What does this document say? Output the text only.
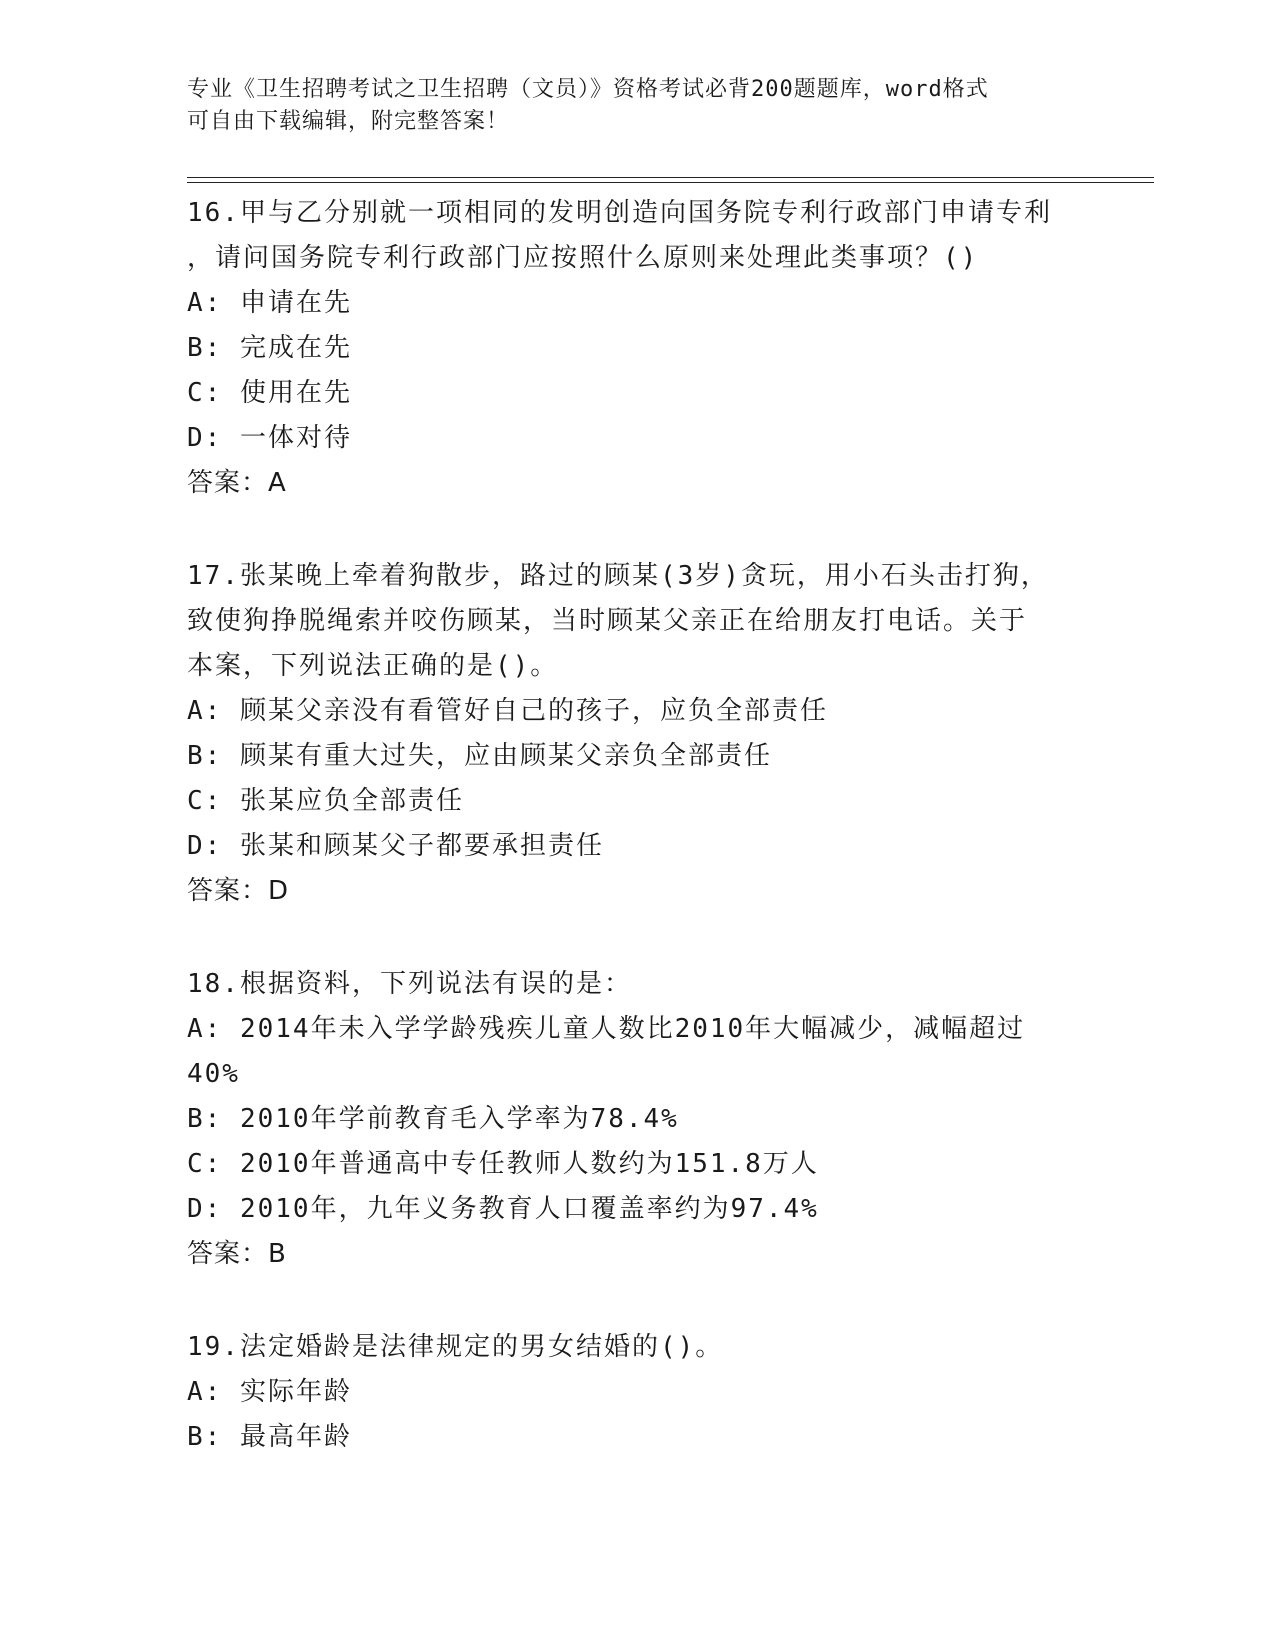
专业《卫生招聘考试之卫生招聘（文员）》资格考试必背200题题库，word格式
可自由下载编辑，附完整答案！
16.甲与乙分别就一项相同的发明创造向国务院专利行政部门申请专利
，请问国务院专利行政部门应按照什么原则来处理此类事项？()
A: 申请在先
B: 完成在先
C: 使用在先
D: 一体对待
答案：A
17.张某晚上牵着狗散步，路过的顾某(3岁)贪玩，用小石头击打狗，
致使狗挣脱绳索并咬伤顾某，当时顾某父亲正在给朋友打电话。关于
本案，下列说法正确的是()。
A: 顾某父亲没有看管好自己的孩子，应负全部责任
B: 顾某有重大过失，应由顾某父亲负全部责任
C: 张某应负全部责任
D: 张某和顾某父子都要承担责任
答案：D
18.根据资料，下列说法有误的是：
A: 2014年未入学学龄残疾儿童人数比2010年大幅减少，减幅超过
40%
B: 2010年学前教育毛入学率为78.4%
C: 2010年普通高中专任教师人数约为151.8万人
D: 2010年，九年义务教育人口覆盖率约为97.4%
答案：B
19.法定婚龄是法律规定的男女结婚的()。
A: 实际年龄
B: 最高年龄
